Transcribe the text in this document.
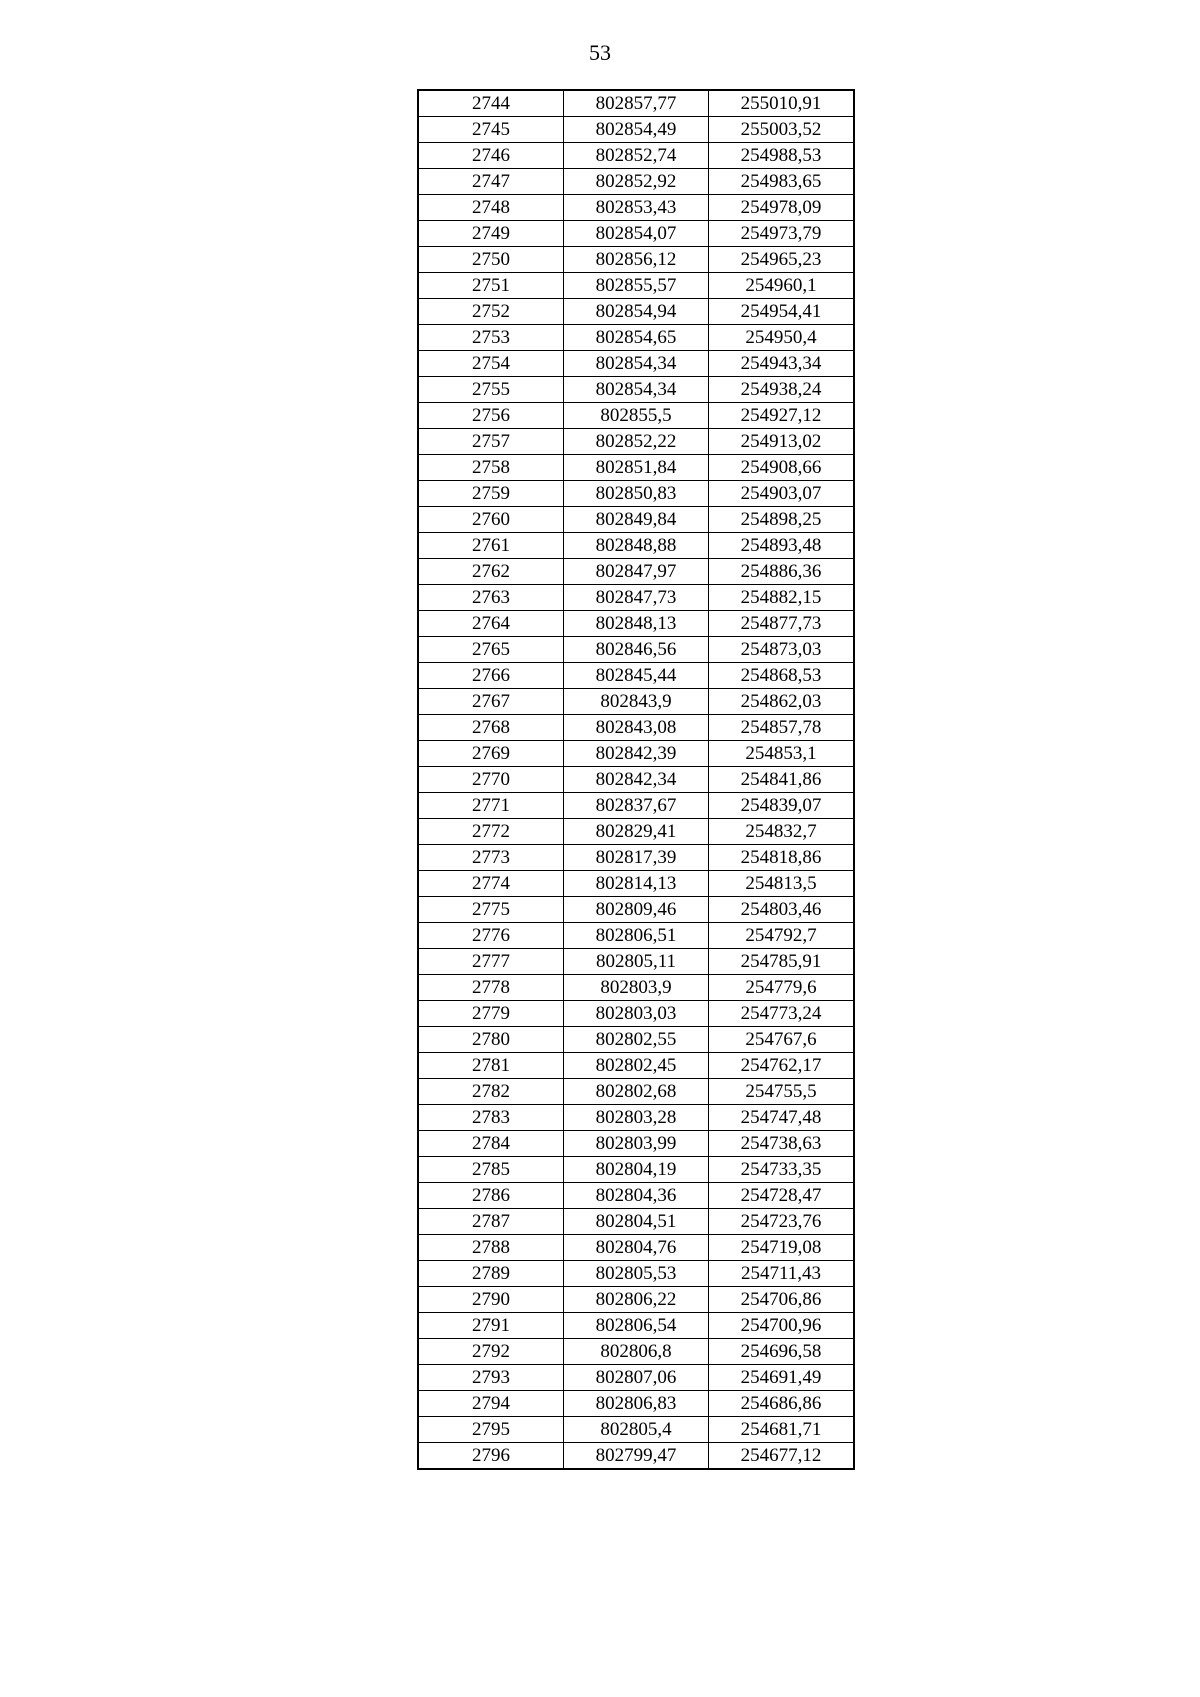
53
2744	802857,77	255010,91
2745	802854,49	255003,52
2746	802852,74	254988,53
2747	802852,92	254983,65
2748	802853,43	254978,09
2749	802854,07	254973,79
2750	802856,12	254965,23
2751	802855,57	254960,1
2752	802854,94	254954,41
2753	802854,65	254950,4
2754	802854,34	254943,34
2755	802854,34	254938,24
2756	802855,5	254927,12
2757	802852,22	254913,02
2758	802851,84	254908,66
2759	802850,83	254903,07
2760	802849,84	254898,25
2761	802848,88	254893,48
2762	802847,97	254886,36
2763	802847,73	254882,15
2764	802848,13	254877,73
2765	802846,56	254873,03
2766	802845,44	254868,53
2767	802843,9	254862,03
2768	802843,08	254857,78
2769	802842,39	254853,1
2770	802842,34	254841,86
2771	802837,67	254839,07
2772	802829,41	254832,7
2773	802817,39	254818,86
2774	802814,13	254813,5
2775	802809,46	254803,46
2776	802806,51	254792,7
2777	802805,11	254785,91
2778	802803,9	254779,6
2779	802803,03	254773,24
2780	802802,55	254767,6
2781	802802,45	254762,17
2782	802802,68	254755,5
2783	802803,28	254747,48
2784	802803,99	254738,63
2785	802804,19	254733,35
2786	802804,36	254728,47
2787	802804,51	254723,76
2788	802804,76	254719,08
2789	802805,53	254711,43
2790	802806,22	254706,86
2791	802806,54	254700,96
2792	802806,8	254696,58
2793	802807,06	254691,49
2794	802806,83	254686,86
2795	802805,4	254681,71
2796	802799,47	254677,12
